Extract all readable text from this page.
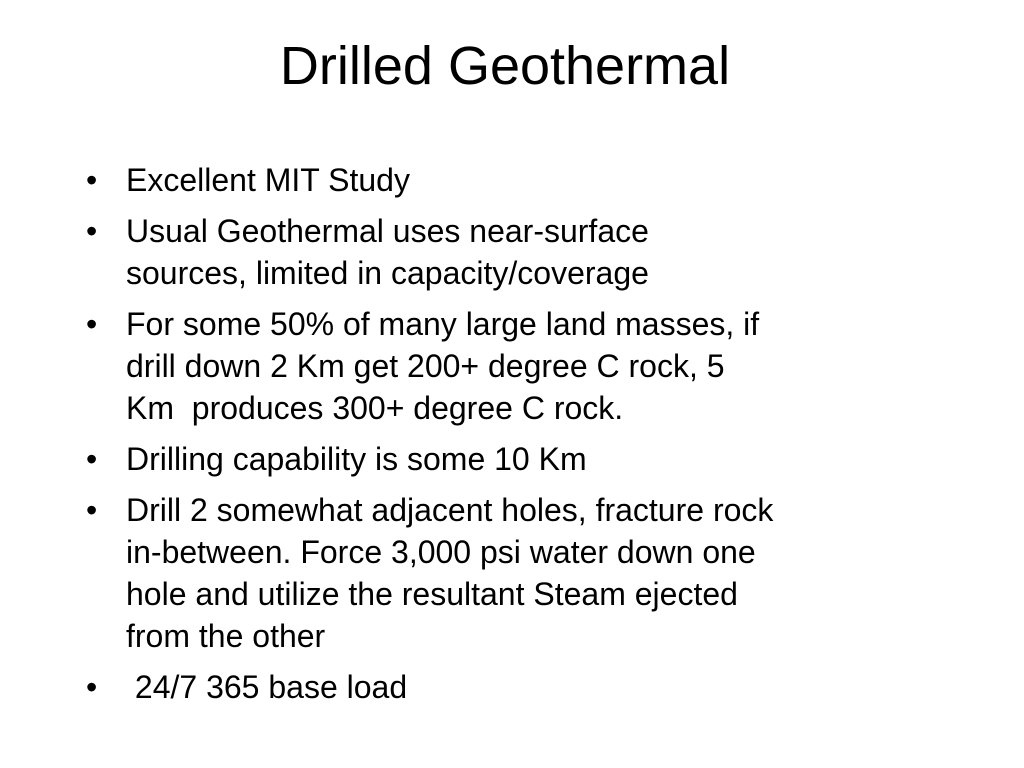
Drilled Geothermal
• Excellent MIT Study
• Usual Geothermal uses near-surface
sources, limited in capacity/coverage
• For some 50% of many large land masses, if
drill down 2 Km get 200+ degree C rock, 5
Km  produces 300+ degree C rock.
• Drilling capability is some 10 Km
• Drill 2 somewhat adjacent holes, fracture rock
in-between. Force 3,000 psi water down one
hole and utilize the resultant Steam ejected
from the other
• 24/7 365 base load
